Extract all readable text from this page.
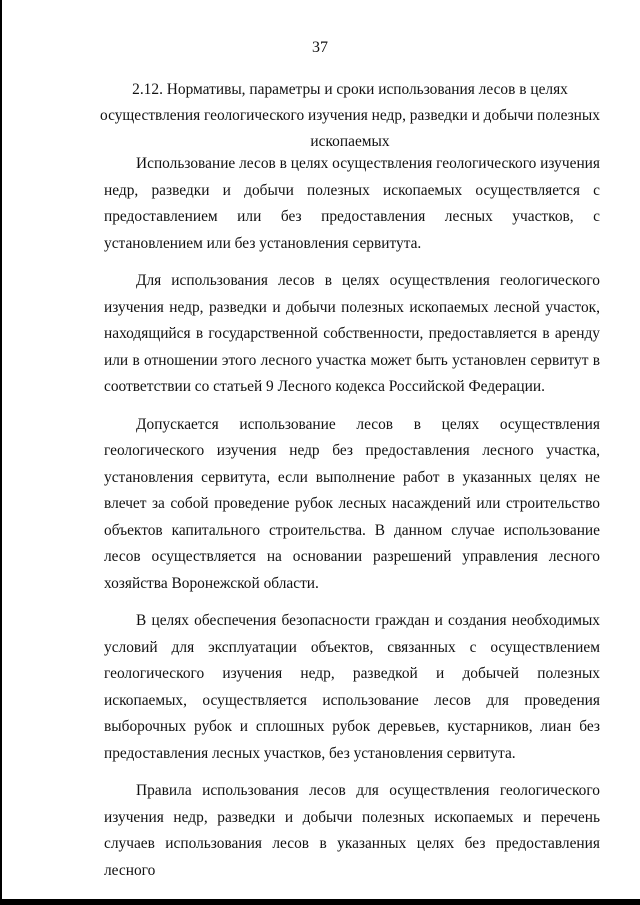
37
2.12. Нормативы, параметры и сроки использования лесов в целях осуществления геологического изучения недр, разведки и добычи полезных ископаемых

Использование лесов в целях осуществления геологического изучения недр, разведки и добычи полезных ископаемых осуществляется с предоставлением или без предоставления лесных участков, с установлением или без установления сервитута.

Для использования лесов в целях осуществления геологического изучения недр, разведки и добычи полезных ископаемых лесной участок, находящийся в государственной собственности, предоставляется в аренду или в отношении этого лесного участка может быть установлен сервитут в соответствии со статьей 9 Лесного кодекса Российской Федерации.

Допускается использование лесов в целях осуществления геологического изучения недр без предоставления лесного участка, установления сервитута, если выполнение работ в указанных целях не влечет за собой проведение рубок лесных насаждений или строительство объектов капитального строительства. В данном случае использование лесов осуществляется на основании разрешений управления лесного хозяйства Воронежской области.

В целях обеспечения безопасности граждан и создания необходимых условий для эксплуатации объектов, связанных с осуществлением геологического изучения недр, разведкой и добычей полезных ископаемых, осуществляется использование лесов для проведения выборочных рубок и сплошных рубок деревьев, кустарников, лиан без предоставления лесных участков, без установления сервитута.

Правила использования лесов для осуществления геологического изучения недр, разведки и добычи полезных ископаемых и перечень случаев использования лесов в указанных целях без предоставления лесного
